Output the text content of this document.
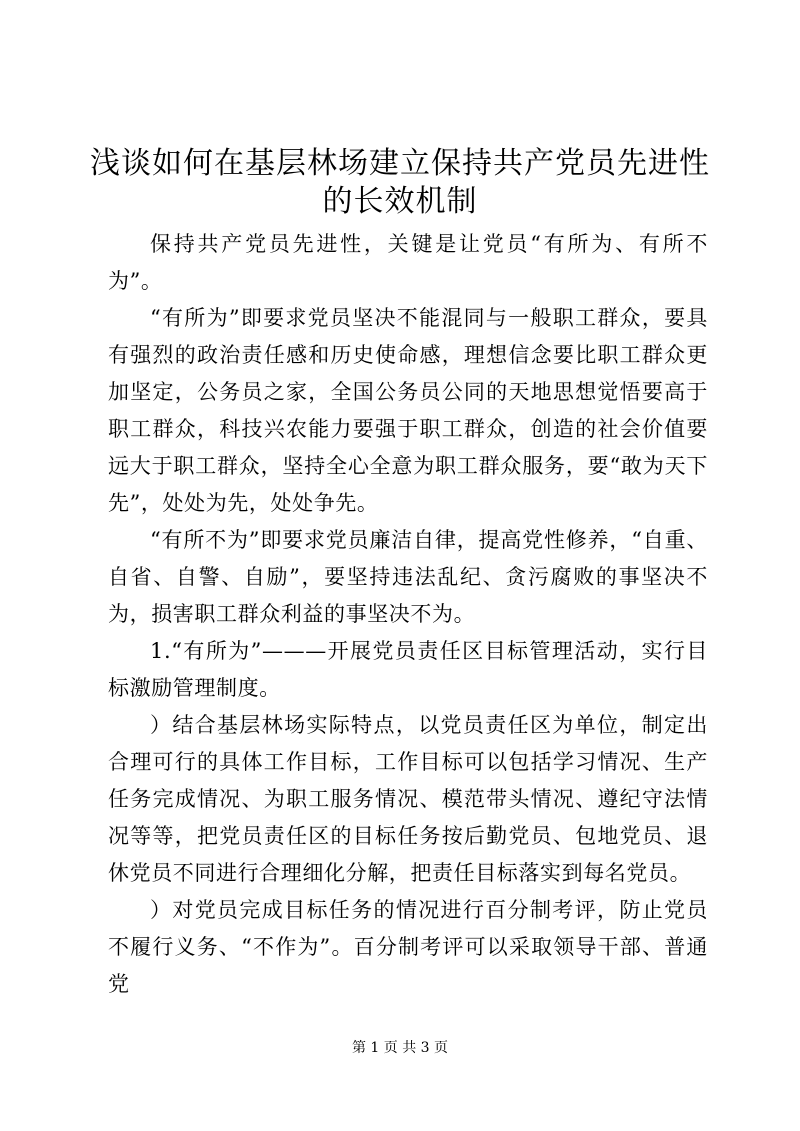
浅谈如何在基层林场建立保持共产党员先进性
的长效机制

保持共产党员先进性，关键是让党员“有所为、有所不为”。

“有所为”即要求党员坚决不能混同与一般职工群众，要具有强烈的政治责任感和历史使命感，理想信念要比职工群众更加坚定，公务员之家，全国公务员公同的天地思想觉悟要高于职工群众，科技兴农能力要强于职工群众，创造的社会价值要远大于职工群众，坚持全心全意为职工群众服务，要“敢为天下先”，处处为先，处处争先。

“有所不为”即要求党员廉洁自律，提高党性修养，“自重、自省、自警、自励”，要坚持违法乱纪、贪污腐败的事坚决不为，损害职工群众利益的事坚决不为。

1.“有所为”———开展党员责任区目标管理活动，实行目标激励管理制度。

）结合基层林场实际特点，以党员责任区为单位，制定出合理可行的具体工作目标，工作目标可以包括学习情况、生产任务完成情况、为职工服务情况、模范带头情况、遵纪守法情况等等，把党员责任区的目标任务按后勤党员、包地党员、退休党员不同进行合理细化分解，把责任目标落实到每名党员。

）对党员完成目标任务的情况进行百分制考评，防止党员不履行义务、“不作为”。百分制考评可以采取领导干部、普通党

第 1 页 共 3 页
